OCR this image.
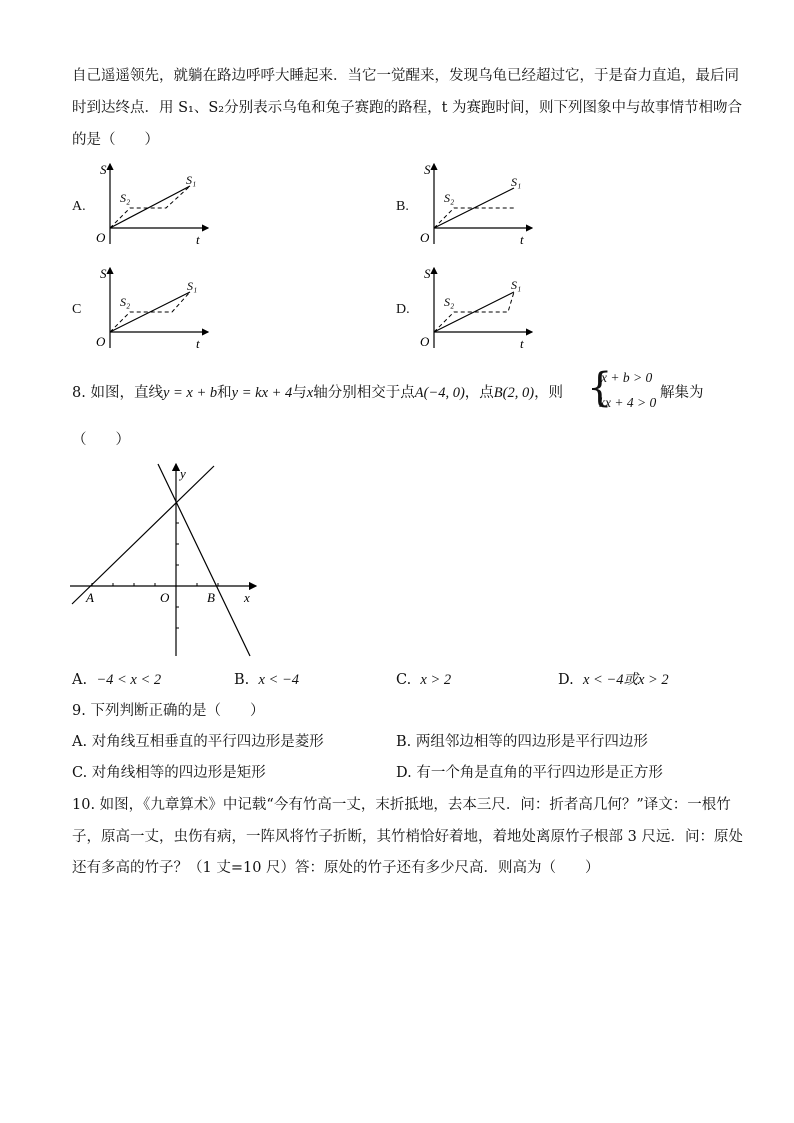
自己遥遥领先，就躺在路边呼呼大睡起来．当它一觉醒来，发现乌龟已经超过它，于是奋力直追，最后同
时到达终点．用 S₁、S₂分别表示乌龟和兔子赛跑的路程，t 为赛跑时间，则下列图象中与故事情节相吻合
的是（　　）
A.
S
O	t
S₁
S₂
B.
S
O	t
S₁
S₂
C
S
O	t
S₁
S₂	D.
S
O	t
S₁
S₂
8. 如图，直线y = x + b和y = kx + 4与x轴分别相交于点A(−4, 0)，点B(2, 0)，则 {
x + b > 0
kx + 4 > 0
解集为
（　　）
y
x
A	O	B
A. −4 < x < 2	B. x < −4	C. x > 2	D. x < −4或x > 2
9. 下列判断正确的是（　　）
A. 对角线互相垂直的平行四边形是菱形	B. 两组邻边相等的四边形是平行四边形
C. 对角线相等的四边形是矩形	D. 有一个角是直角的平行四边形是正方形
10. 如图，《九章算术》中记载“今有竹高一丈，末折抵地，去本三尺．问：折者高几何？”译文：一根竹
子，原高一丈，虫伤有病，一阵风将竹子折断，其竹梢恰好着地，着地处离原竹子根部 3 尺远．问：原处
还有多高的竹子？（1 丈=10 尺）答：原处的竹子还有多少尺高．则高为（　　）
